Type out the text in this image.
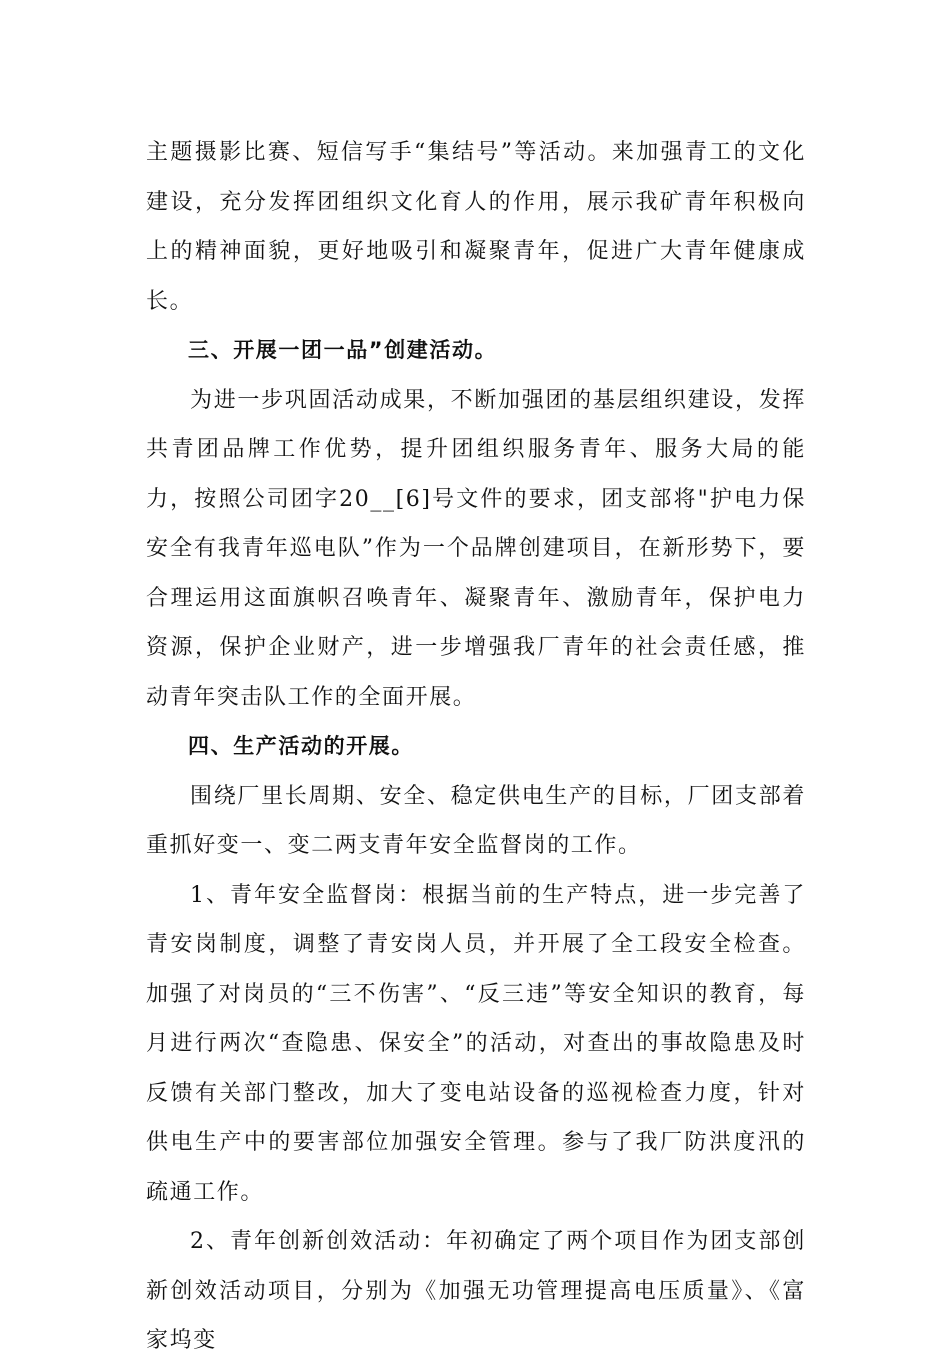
主题摄影比赛、短信写手“集结号”等活动。来加强青工的文化建设，充分发挥团组织文化育人的作用，展示我矿青年积极向上的精神面貌，更好地吸引和凝聚青年，促进广大青年健康成长。

三、开展一团一品”创建活动。

为进一步巩固活动成果，不断加强团的基层组织建设，发挥共青团品牌工作优势，提升团组织服务青年、服务大局的能力，按照公司团字20__[6]号文件的要求，团支部将"护电力保安全有我青年巡电队”作为一个品牌创建项目，在新形势下，要合理运用这面旗帜召唤青年、凝聚青年、激励青年，保护电力资源，保护企业财产，进一步增强我厂青年的社会责任感，推动青年突击队工作的全面开展。

四、生产活动的开展。

围绕厂里长周期、安全、稳定供电生产的目标，厂团支部着重抓好变一、变二两支青年安全监督岗的工作。

1、青年安全监督岗：根据当前的生产特点，进一步完善了青安岗制度，调整了青安岗人员，并开展了全工段安全检查。加强了对岗员的“三不伤害”、“反三违”等安全知识的教育，每月进行两次“查隐患、保安全”的活动，对查出的事故隐患及时反馈有关部门整改，加大了变电站设备的巡视检查力度，针对供电生产中的要害部位加强安全管理。参与了我厂防洪度汛的疏通工作。

2、青年创新创效活动：年初确定了两个项目作为团支部创新创效活动项目，分别为《加强无功管理提高电压质量》、《富家坞变
